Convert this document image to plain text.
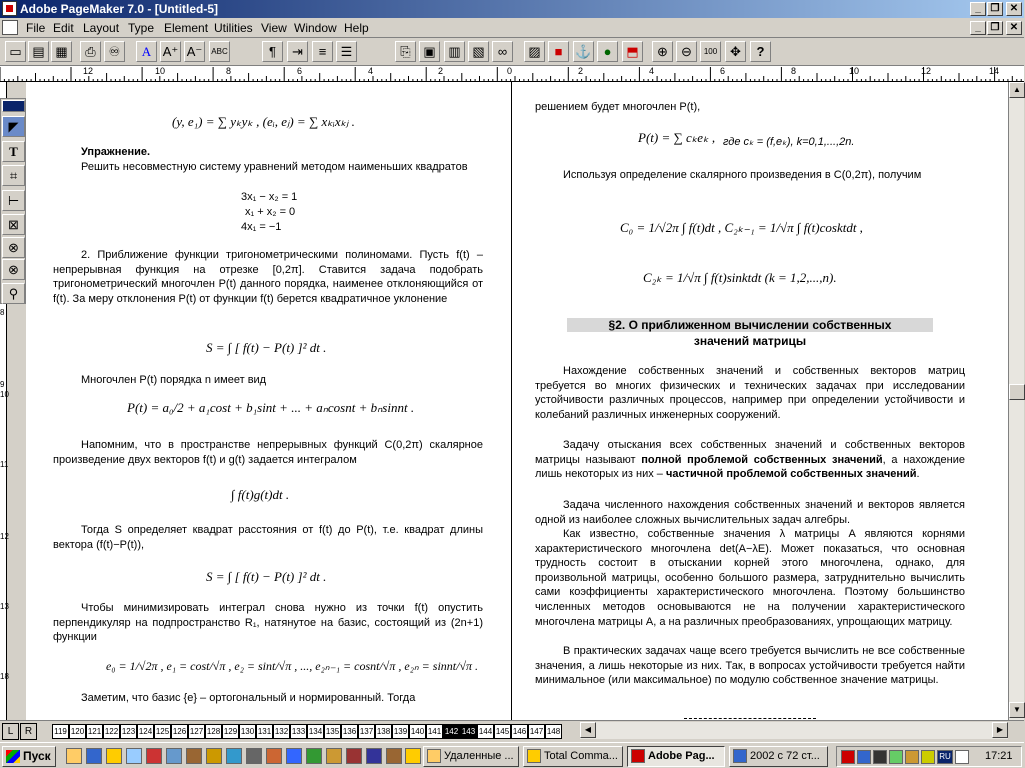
Adobe PageMaker 7.0 - [Untitled-5]	_ ❐	✕
File Edit Layout Type Element Utilities View Window Help	_ ❐	✕
▭ ▤ ▦	⎙ ♾	A A⁺ A⁻	ABC	¶	⇥	≡	☰	⎘ ▣ ▥ ▧	∞	▨	■ ⚓ ●	⬒	⊕	⊖	100 ✥	?
12	10	8	6	4	2	0	2	4	6	8	10	12	14
8
9
10
11
12
13
18
◤
T
⌗
⊢
⊠
⊗
⊗
⚲
(y, e₁) = ∑ yₖyₖ , (eᵢ, eⱼ) = ∑ xₖᵢxₖⱼ .
Упражнение.

Решить несовместную систему уравнений методом наименьших квадратов

3x₁ − x₂ = 1
x₁ + x₂ = 0
4x₁ = −1

2. Приближение функции тригонометрическими полиномами. Пусть f(t) – непрерывная функция на отрезке [0,2π]. Ставится задача подобрать тригонометрический многочлен P(t) данного порядка, наименее отклоняющийся от f(t). За меру отклонения P(t) от функции f(t) берется квадратичное уклонение

S = ∫ [ f(t) − P(t) ]² dt .

Многочлен P(t) порядка n имеет вид

P(t) = a₀/2 + a₁cost + b₁sint + ... + aₙcosnt + bₙsinnt .

Напомним, что в пространстве непрерывных функций C(0,2π) скалярное произведение двух векторов f(t) и g(t) задается интегралом

∫ f(t)g(t)dt .

Тогда S определяет квадрат расстояния от f(t) до P(t), т.е. квадрат длины вектора (f(t)−P(t)),

S = ∫ [ f(t) − P(t) ]² dt .

Чтобы минимизировать интеграл снова нужно из точки f(t) опустить перпендикуляр на подпространство R₁, натянутое на базис, состоящий из (2n+1) функции

e₀ = 1/√2π , e₁ = cost/√π , e₂ = sint/√π , ..., e₂ₙ₋₁ = cosnt/√π , e₂ₙ = sinnt/√π .

Заметим, что базис {e} – ортогональный и нормированный. Тогда

решением будет многочлен P(t),
P(t) = ∑ cₖeₖ , где cₖ = (f,eₖ), k=0,1,...,2n.

Используя определение скалярного произведения в C(0,2π), получим

C₀ = 1/√2π ∫ f(t)dt , C₂ₖ₋₁ = 1/√π ∫ f(t)cosktdt ,
C₂ₖ = 1/√π ∫ f(t)sinktdt (k = 1,2,...,n).
§2. О приближенном вычислении собственных
значений матрицы

Нахождение собственных значений и собственных векторов матриц требуется во многих физических и технических задачах при исследовании устойчивости различных процессов, например при определении устойчивости и колебаний различных инженерных сооружений.

Задачу отыскания всех собственных значений и собственных векторов матрицы называют полной проблемой собственных значений, а нахождение лишь некоторых из них – частичной проблемой собственных значений.

Задача численного нахождения собственных значений и векторов является одной из наиболее сложных вычислительных задач алгебры.

Как известно, собственные значения λ матрицы A являются корнями характеристического многочлена det(A−λE). Может показаться, что основная трудность состоит в отыскании корней этого многочлена, однако, для произвольной матрицы, особенно большого размера, затруднительно вычислить сами коэффициенты характеристического многочлена. Поэтому большинство численных методов основываются не на получении характеристического многочлена матрицы A, а на различных преобразованиях, упрощающих матрицу.

В практических задачах чаще всего требуется вычислить не все собственные значения, а лишь некоторые из них. Так, в вопросах устойчивости требуется найти минимальное (или максимальное) по модулю собственное значение матрицы.

▲
▼
L	R	119 120 121 122 123 124 125 126 127 128 129 130 131 132 133 134 135 136 137 138 139 140 141 142 143 144 145 146 147 148	◀	▶
Пуск	Удаленные ...	Total Comma...	Adobe Pag...	2002 с 72 ст...	RU	17:21
